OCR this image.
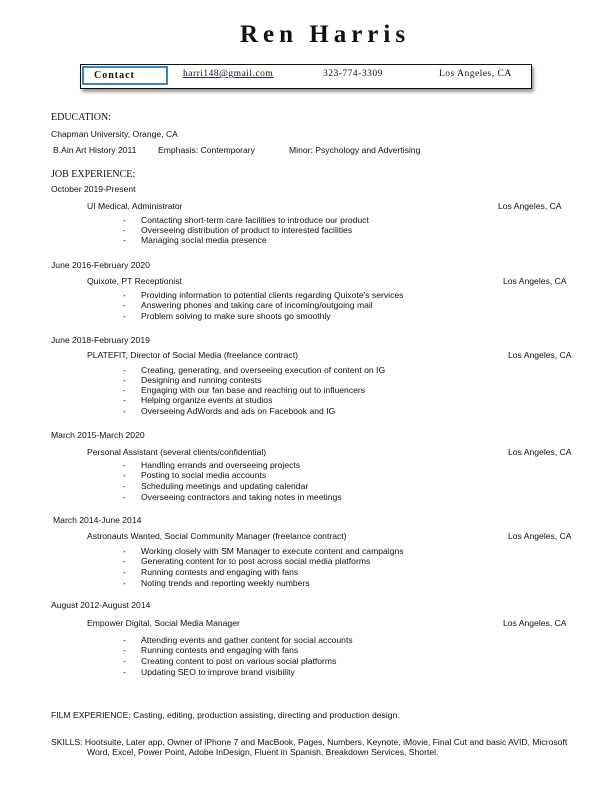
Ren Harris
Contact	harri148@gmail.com	323-774-3309	Los Angeles, CA
EDUCATION:
Chapman University, Orange, CA
B.Ain Art History 2011	Emphasis: Contemporary	Minor: Psychology and Advertising
JOB EXPERIENCE:
October 2019-Present
UI Medical, Administrator	Los Angeles, CA
- Contacting short-term care facilities to introduce our product
- Overseeing distribution of product to interested facilities
- Managing social media presence
June 2016-February 2020
Quixote, PT Receptionist	Los Angeles, CA
- Providing information to potential clients regarding Quixote's services
- Answering phones and taking care of incoming/outgoing mail
- Problem solving to make sure shoots go smoothly
June 2018-February 2019
PLATEFIT, Director of Social Media (freelance contract)	Los Angeles, CA
- Creating, generating, and overseeing execution of content on IG
- Designing and running contests
- Engaging with our fan base and reaching out to influencers
- Helping organize events at studios
- Overseeing AdWords and ads on Facebook and IG
March 2015-March 2020
Personal Assistant (several clients/confidential)	Los Angeles, CA
- Handling errands and overseeing projects
- Posting to social media accounts
- Scheduling meetings and updating calendar
- Overseeing contractors and taking notes in meetings
March 2014-June 2014
Astronauts Wanted, Social Community Manager (freelance contract)	Los Angeles, CA
- Working closely with SM Manager to execute content and campaigns
- Generating content for to post across social media platforms
- Running contests and engaging with fans
- Noting trends and reporting weekly numbers
August 2012-August 2014
Empower Digital, Social Media Manager	Los Angeles, CA
- Attending events and gather content for social accounts
- Running contests and engaging with fans
- Creating content to post on various social platforms
- Updating SEO to improve brand visibility
FILM EXPERIENCE: Casting, editing, production assisting, directing and production design.
SKILLS: Hootsuite, Later app, Owner of iPhone 7 and MacBook, Pages, Numbers, Keynote, iMovie, Final Cut and basic AVID, Microsoft
Word, Excel, Power Point, Adobe InDesign, Fluent in Spanish, Breakdown Services, Shortel.
